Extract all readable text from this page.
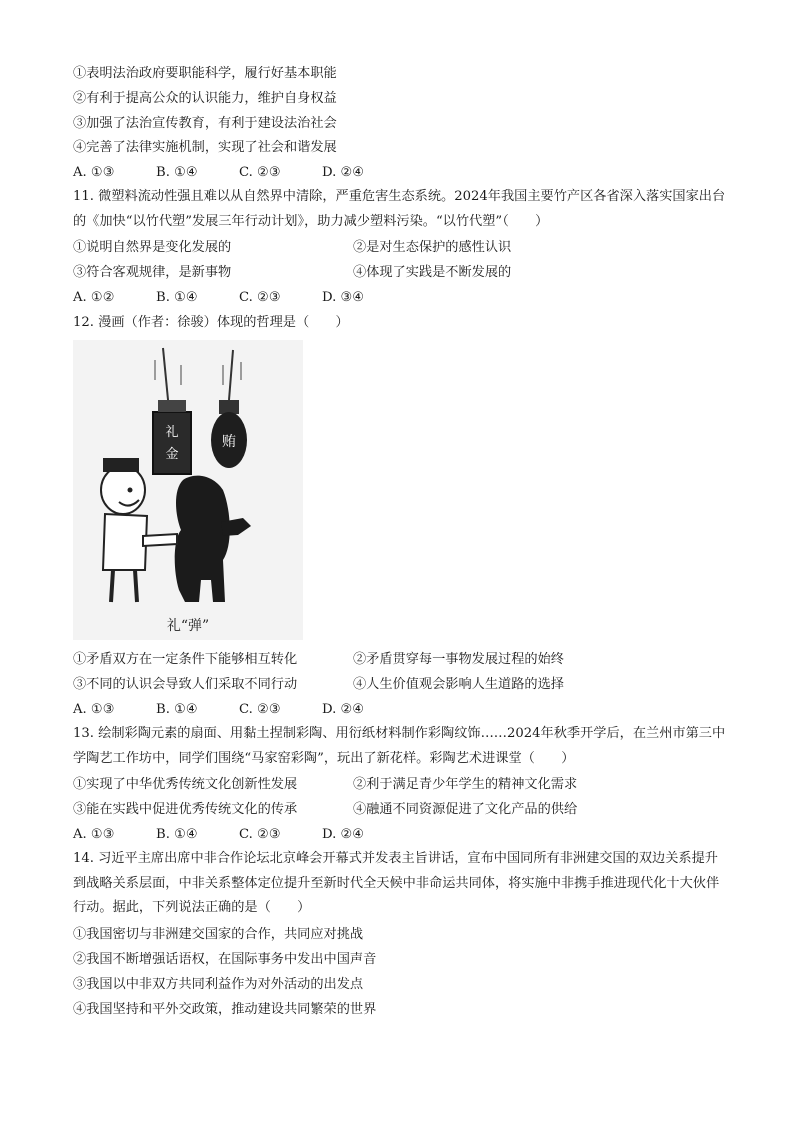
①表明法治政府要职能科学，履行好基本职能
②有利于提高公众的认识能力，维护自身权益
③加强了法治宣传教育，有利于建设法治社会
④完善了法律实施机制，实现了社会和谐发展
A. ①③	B. ①④	C. ②③	D. ②④
11. 微塑料流动性强且难以从自然界中清除，严重危害生态系统。2024年我国主要竹产区各省深入落实国家出台的《加快“以竹代塑”发展三年行动计划》，助力减少塑料污染。“以竹代塑”（　　）
①说明自然界是变化发展的	②是对生态保护的感性认识
③符合客观规律，是新事物	④体现了实践是不断发展的
A. ①②	B. ①④	C. ②③	D. ③④
12. 漫画（作者：徐骏）体现的哲理是（　　）
礼
金
贿
礼“弹”
①矛盾双方在一定条件下能够相互转化	②矛盾贯穿每一事物发展过程的始终
③不同的认识会导致人们采取不同行动	④人生价值观会影响人生道路的选择
A. ①③	B. ①④	C. ②③	D. ②④
13. 绘制彩陶元素的扇面、用黏土捏制彩陶、用衍纸材料制作彩陶纹饰……2024年秋季开学后，在兰州市第三中学陶艺工作坊中，同学们围绕“马家窑彩陶”，玩出了新花样。彩陶艺术进课堂（　　）
①实现了中华优秀传统文化创新性发展	②利于满足青少年学生的精神文化需求
③能在实践中促进优秀传统文化的传承	④融通不同资源促进了文化产品的供给
A. ①③	B. ①④	C. ②③	D. ②④
14. 习近平主席出席中非合作论坛北京峰会开幕式并发表主旨讲话，宣布中国同所有非洲建交国的双边关系提升到战略关系层面，中非关系整体定位提升至新时代全天候中非命运共同体，将实施中非携手推进现代化十大伙伴行动。据此，下列说法正确的是（　　）
①我国密切与非洲建交国家的合作，共同应对挑战
②我国不断增强话语权，在国际事务中发出中国声音
③我国以中非双方共同利益作为对外活动的出发点
④我国坚持和平外交政策，推动建设共同繁荣的世界
